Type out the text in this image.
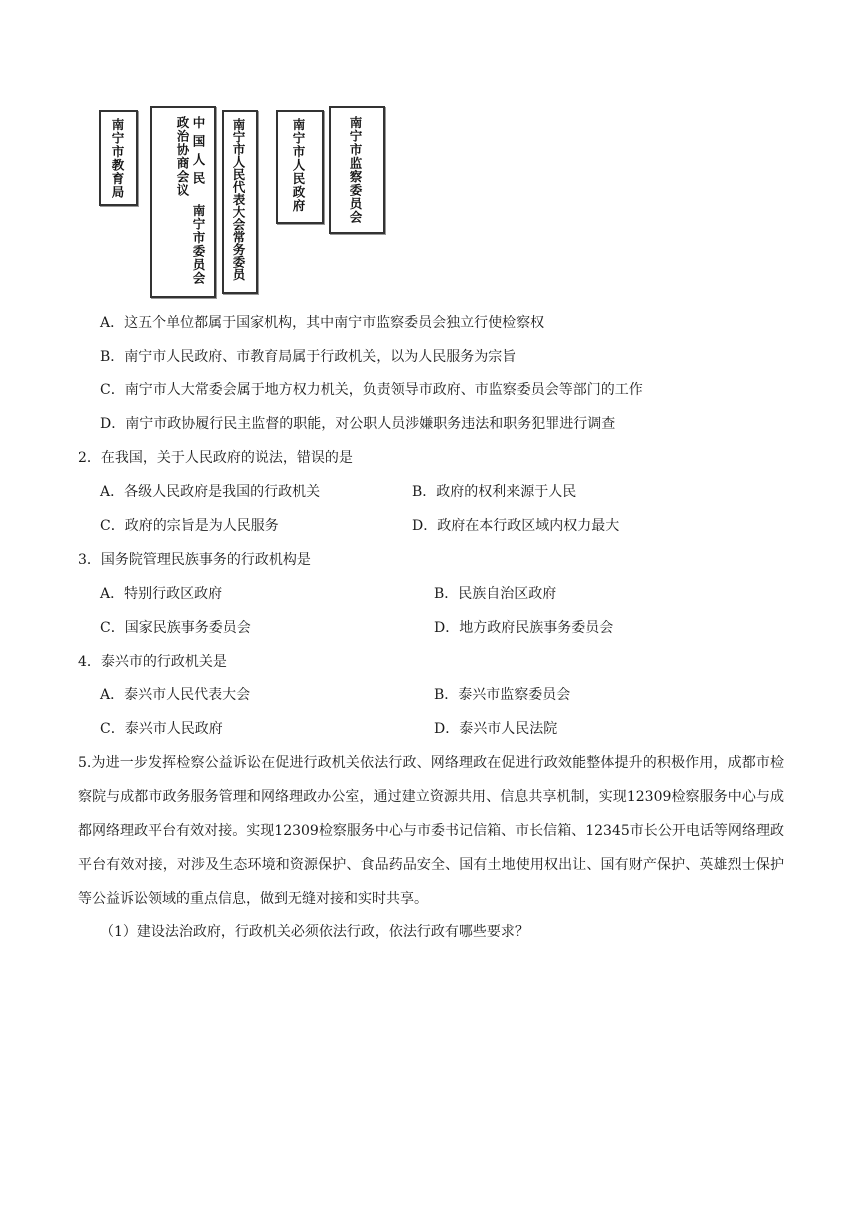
南宁市教育局	中国人民
政治协商会议
南宁市委员会 南宁市人民代表大会常务委员	南宁市人民政府	南宁市监察委员会
A．这五个单位都属于国家机构，其中南宁市监察委员会独立行使检察权
B．南宁市人民政府、市教育局属于行政机关，以为人民服务为宗旨
C．南宁市人大常委会属于地方权力机关，负责领导市政府、市监察委员会等部门的工作
D．南宁市政协履行民主监督的职能，对公职人员涉嫌职务违法和职务犯罪进行调查
2．在我国，关于人民政府的说法，错误的是
A．各级人民政府是我国的行政机关	B．政府的权利来源于人民
C．政府的宗旨是为人民服务	D．政府在本行政区域内权力最大
3．国务院管理民族事务的行政机构是
A．特别行政区政府	B．民族自治区政府
C．国家民族事务委员会	D．地方政府民族事务委员会
4．泰兴市的行政机关是
A．泰兴市人民代表大会	B．泰兴市监察委员会
C．泰兴市人民政府	D．泰兴市人民法院
5.为进一步发挥检察公益诉讼在促进行政机关依法行政、网络理政在促进行政效能整体提升的积极作用，成都市检察院与成都市政务服务管理和网络理政办公室，通过建立资源共用、信息共享机制，实现12309检察服务中心与成都网络理政平台有效对接。实现12309检察服务中心与市委书记信箱、市长信箱、12345市长公开电话等网络理政平台有效对接，对涉及生态环境和资源保护、食品药品安全、国有土地使用权出让、国有财产保护、英雄烈士保护等公益诉讼领域的重点信息，做到无缝对接和实时共享。
（1）建设法治政府，行政机关必须依法行政，依法行政有哪些要求？
